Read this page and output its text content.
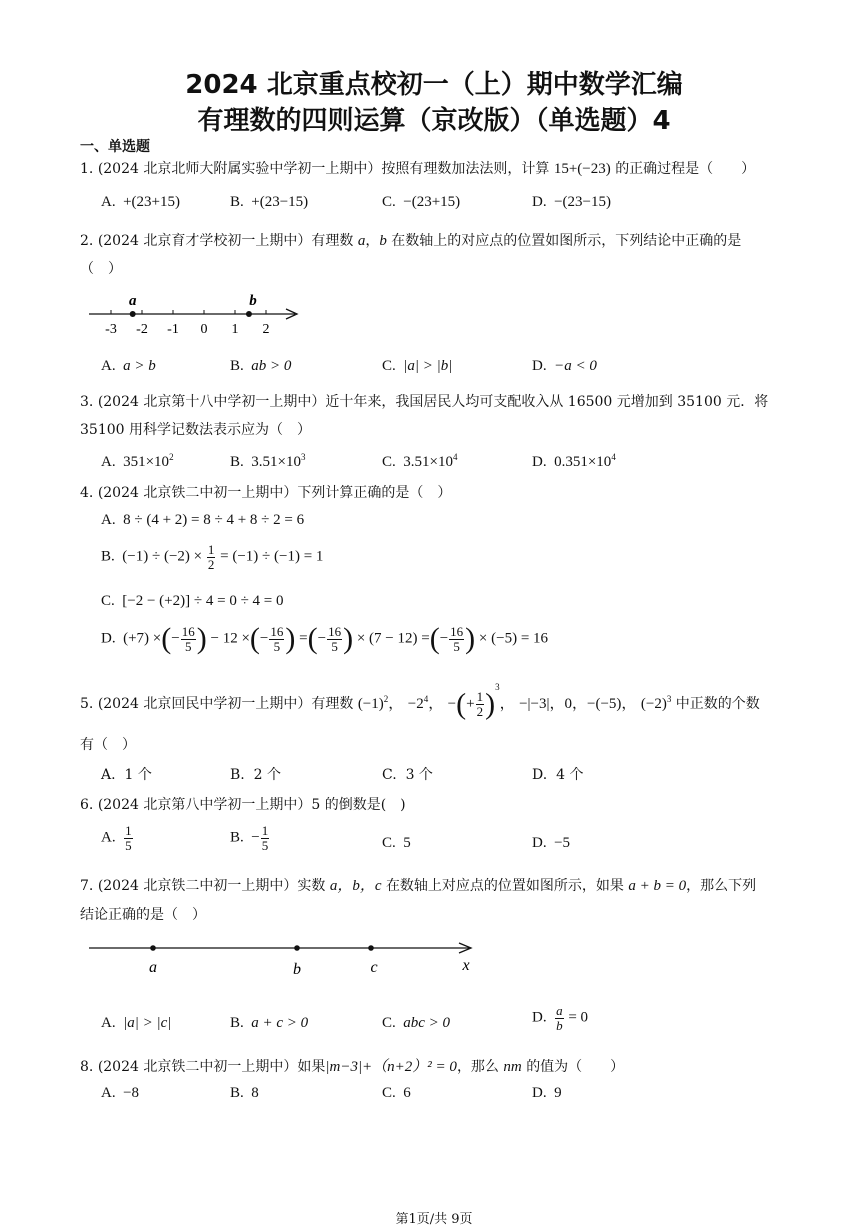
2024 北京重点校初一（上）期中数学汇编
有理数的四则运算（京改版）（单选题）4
一、单选题
1. (2024 北京北师大附属实验中学初一上期中）按照有理数加法法则，计算 15+(−23) 的正确过程是（　　）
A. +(23+15)	B. +(23−15)	C. −(23+15)	D. −(23−15)
2. (2024 北京育才学校初一上期中）有理数 a，b 在数轴上的对应点的位置如图所示，下列结论中正确的是
（　）
-3 -2 -1 0 1 2
a	b
A. a > b	B. ab > 0	C. |a| > |b|	D. −a < 0
3. (2024 北京第十八中学初一上期中）近十年来，我国居民人均可支配收入从 16500 元增加到 35100 元．将
35100 用科学记数法表示应为（　）
A. $351\times 10^2$	B. $3.51\times 10^3$	C. $3.51\times 10^4$	D. $0.351\times 10^4$
4. (2024 北京铁二中初一上期中）下列计算正确的是（　）
A. 8 ÷ (4 + 2) = 8 ÷ 4 + 8 ÷ 2 = 6
B. $(-1) \div (-2) \times \frac{1}{2} = (-1) \div (-1) = 1$
C. [−2 − (+2)] ÷ 4 = 0 ÷ 4 = 0
D. (+7) ×(− $\frac{16}{5}$ ) − 12 ×(− $\frac{16}{5}$ ) =(− $\frac{16}{5}$ ) × (7 − 12) =(− $\frac{16}{5}$ ) × (−5) = 16
5. (2024 北京回民中学初一上期中）有理数 $(-1)^2$， $-2^4$， −(+ $\frac{1}{2} )^3$， −|−3|，0，−(−5)， $(-2)^3$ 中正数的个数
有（　）
A. 1 个	B. 2 个	C. 3 个	D. 4 个
6. (2024 北京第八中学初一上期中）5 的倒数是(　)
A. $\frac{1}{5}$	B. − $\frac{1}{5}$	C. 5	D. −5
7. (2024 北京铁二中初一上期中）实数 a，b，c 在数轴上对应点的位置如图所示，如果 a + b = 0，那么下列
结论正确的是（　）
a	b	c	x
A. |a| > |c|	B. a + c > 0	C. abc > 0	D. $\frac{a}{b} = 0$
8. (2024 北京铁二中初一上期中）如果|m−3|+（n+2）² = 0，那么 nm 的值为（　　）
A. −8	B. 8	C. 6	D. 9
第1页/共 9页
